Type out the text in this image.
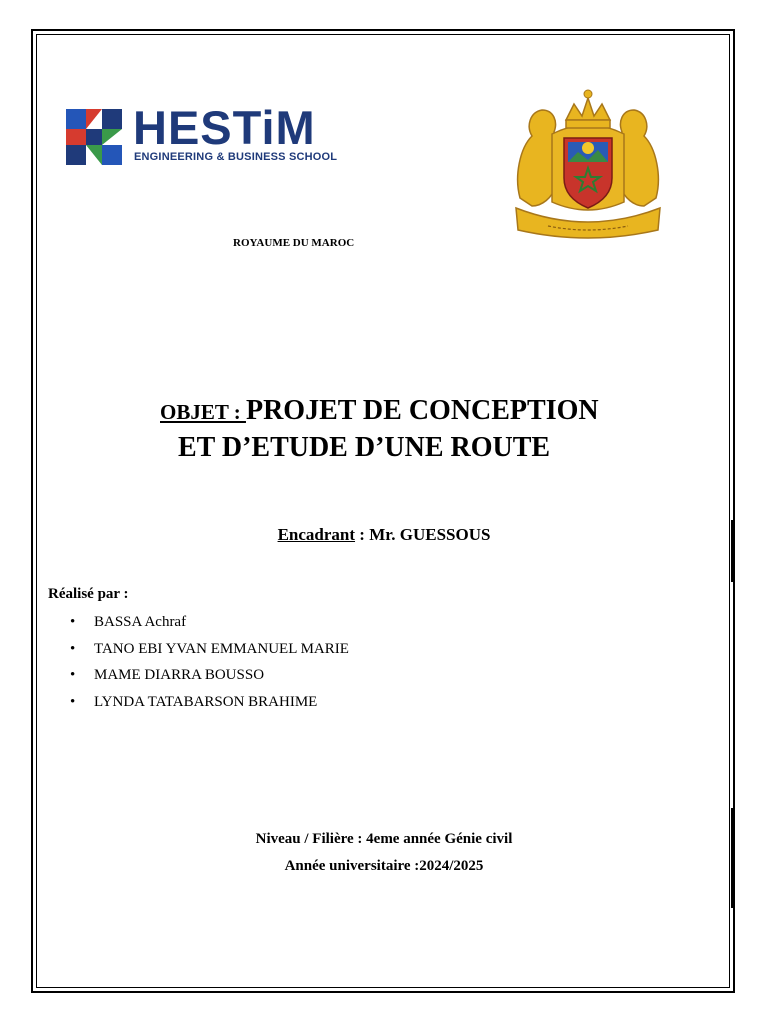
HESTiM
ENGINEERING & BUSINESS SCHOOL
ROYAUME DU MAROC
OBJET : PROJET DE CONCEPTION
ET D’ETUDE D’UNE ROUTE
Encadrant : Mr. GUESSOUS
Réalisé par :
• BASSA Achraf
• TANO EBI YVAN EMMANUEL MARIE
• MAME DIARRA BOUSSO
• LYNDA TATABARSON BRAHIME
Niveau / Filière : 4eme année Génie civil
Année universitaire :2024/2025
